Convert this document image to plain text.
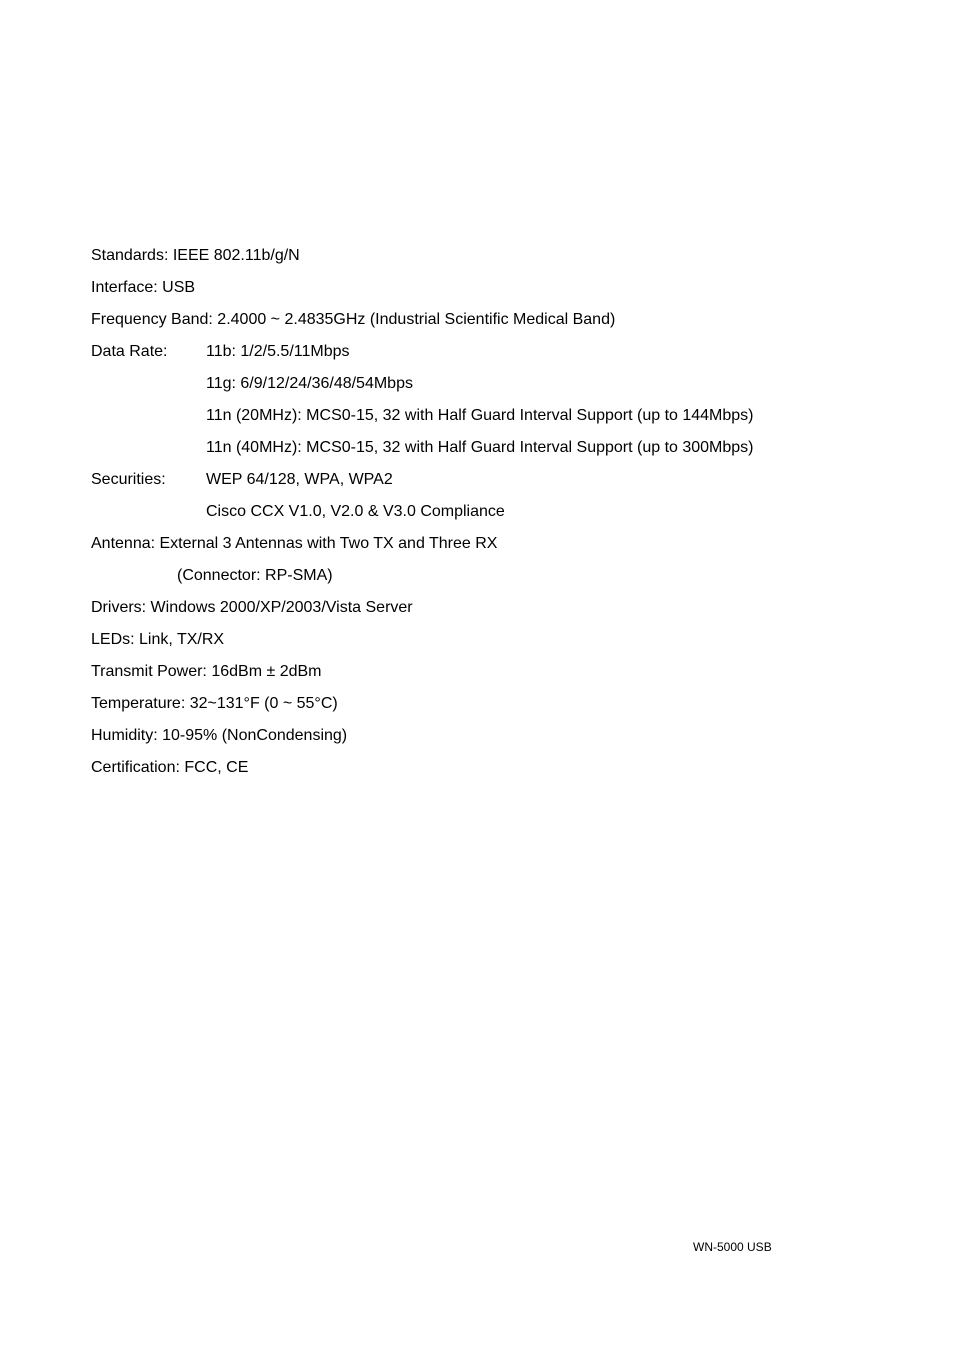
Standards: IEEE 802.11b/g/N
Interface: USB
Frequency Band: 2.4000 ~ 2.4835GHz (Industrial Scientific Medical Band)
Data Rate: 11b: 1/2/5.5/11Mbps
11g: 6/9/12/24/36/48/54Mbps
11n (20MHz): MCS0-15, 32 with Half Guard Interval Support (up to 144Mbps)
11n (40MHz): MCS0-15, 32 with Half Guard Interval Support (up to 300Mbps)
Securities:	WEP 64/128, WPA, WPA2
Cisco CCX V1.0, V2.0 & V3.0 Compliance
Antenna: External 3 Antennas with Two TX and Three RX
(Connector: RP-SMA)
Drivers: Windows 2000/XP/2003/Vista Server
LEDs: Link, TX/RX
Transmit Power: 16dBm ± 2dBm
Temperature: 32~131°F (0 ~ 55°C)
Humidity: 10-95% (NonCondensing)
Certification: FCC, CE
WN-5000 USB
